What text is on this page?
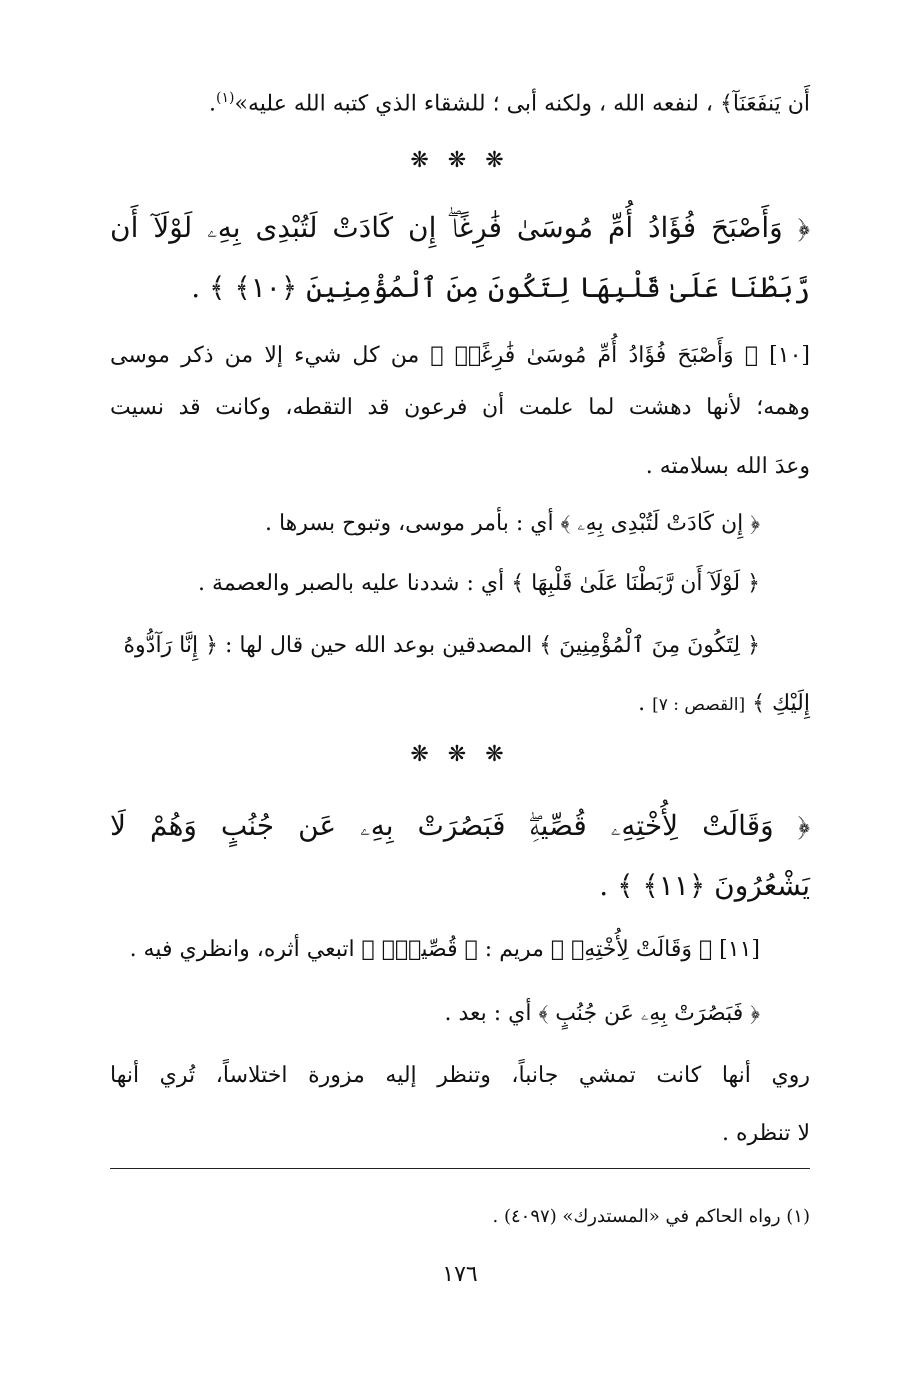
أَن يَنفَعَنَآ﴾ ، لنفعه الله ، ولكنه أبى ؛ للشقاء الذي كتبه الله عليه»$^{(١)}$.
❋ ❋ ❋
﴿ وَأَصْبَحَ فُؤَادُ أُمِّ مُوسَىٰ فَٰرِغًاۖ إِن كَادَتْ لَتُبْدِى بِهِۦ لَوْلَآ أَن
رَّبَطْنَا عَلَىٰ قَلْبِهَا لِتَكُونَ مِنَ ٱلْمُؤْمِنِينَ ﴿١٠﴾ ﴾ .
[١٠] ﴿ وَأَصْبَحَ فُؤَادُ أُمِّ مُوسَىٰ فَٰرِغًاۖ ﴾ من كل شيء إلا من ذكر موسى
وهمه؛ لأنها دهشت لما علمت أن فرعون قد التقطه، وكانت قد نسيت
وعدَ الله بسلامته .
﴿ إِن كَادَتْ لَتُبْدِى بِهِۦ ﴾ أي : بأمر موسى، وتبوح بسرها .
﴿ لَوْلَآ أَن رَّبَطْنَا عَلَىٰ قَلْبِهَا ﴾ أي : شددنا عليه بالصبر والعصمة .
﴿ لِتَكُونَ مِنَ ٱلْمُؤْمِنِينَ ﴾ المصدقين بوعد الله حين قال لها : ﴿ إِنَّا رَآدُّوهُ
إِلَيْكِ ﴾ [القصص : ٧] .
❋ ❋ ❋
﴿ وَقَالَتْ لِأُخْتِهِۦ قُصِّيهِۖ فَبَصُرَتْ بِهِۦ عَن جُنُبٍ وَهُمْ لَا
يَشْعُرُونَ ﴿١١﴾ ﴾ .
[١١] ﴿ وَقَالَتْ لِأُخْتِهِۦ ﴾ مريم : ﴿ قُصِّيهِۖ ﴾ اتبعي أثره، وانظري فيه .
﴿ فَبَصُرَتْ بِهِۦ عَن جُنُبٍ ﴾ أي : بعد .
روي أنها كانت تمشي جانباً، وتنظر إليه مزورة اختلاساً، تُري أنها
لا تنظره .
(١) رواه الحاكم في «المستدرك» (٤٠٩٧) .
١٧٦
